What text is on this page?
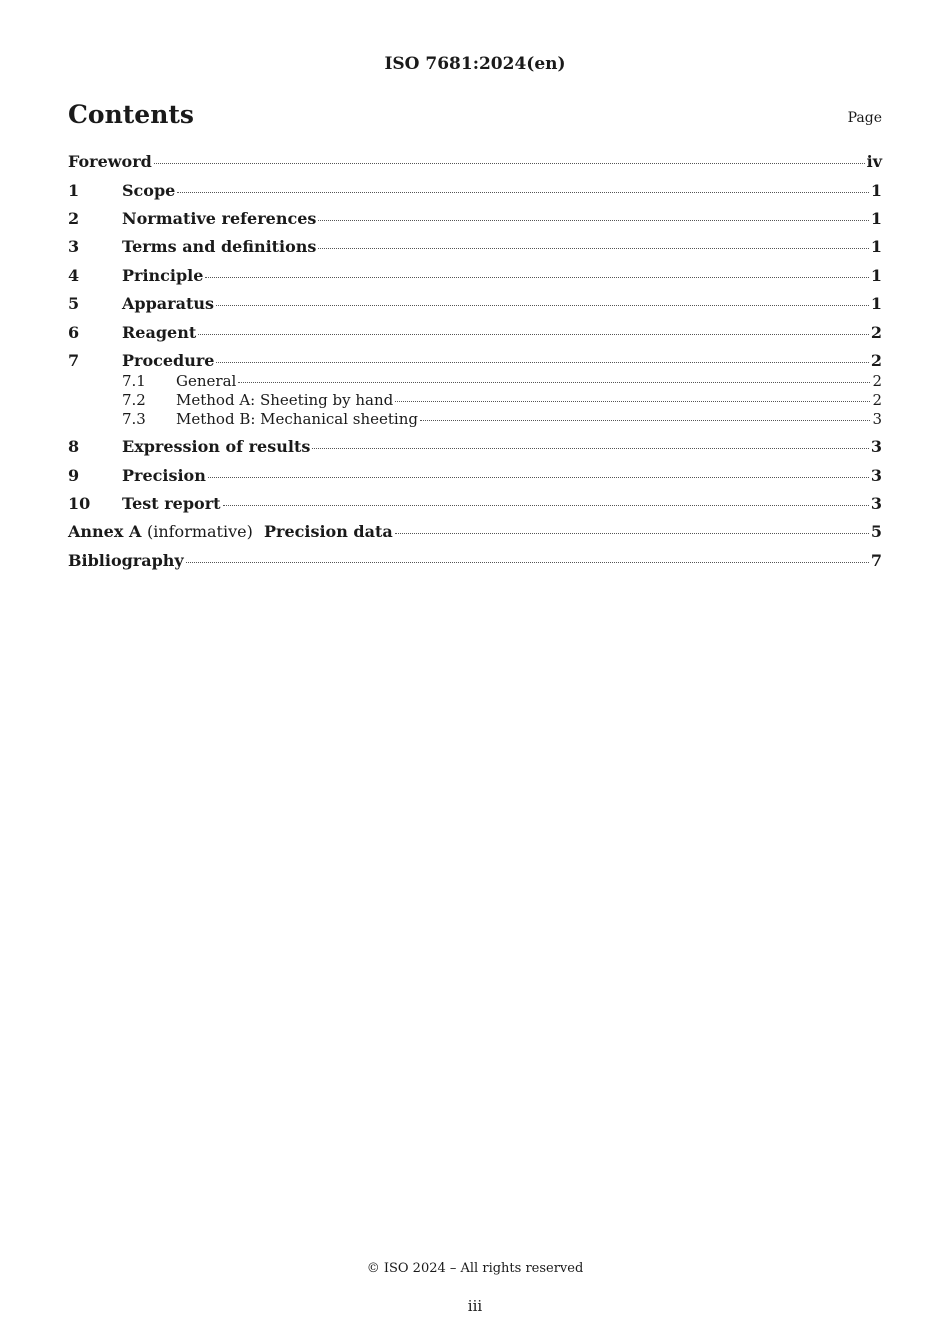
ISO 7681:2024(en)
Contents	Page
Foreword	iv
1	Scope	1
2	Normative references	1
3	Terms and definitions	1
4	Principle	1
5	Apparatus	1
6	Reagent	2
7	Procedure	2
7.1	General	2
7.2	Method A: Sheeting by hand	2
7.3	Method B: Mechanical sheeting	3
8	Expression of results	3
9	Precision	3
10	Test report	3
Annex A (informative) Precision data	5
Bibliography	7
© ISO 2024 – All rights reserved
iii
